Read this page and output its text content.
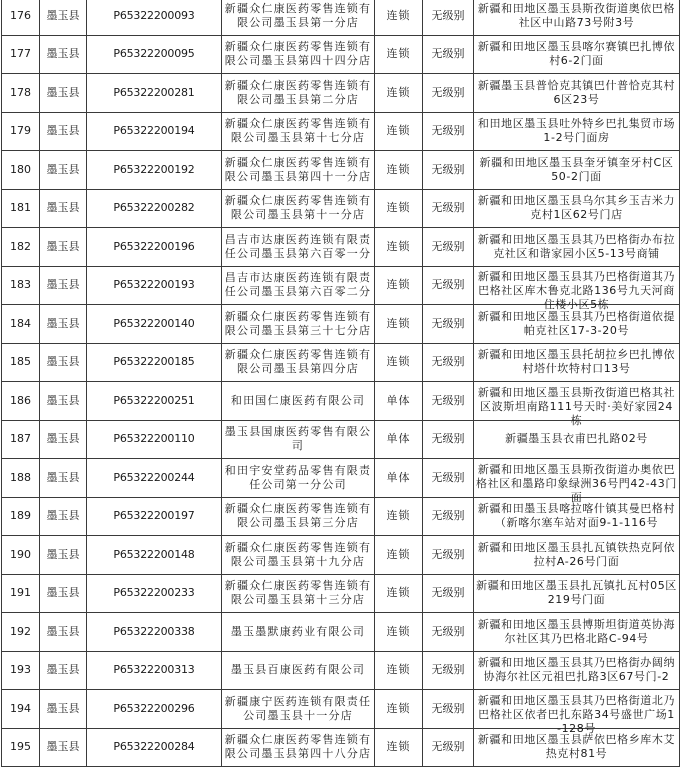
176	墨玉县	P65322200093	新疆众仁康医药零售连锁有限公司墨玉县第一分店	连锁	无级别	新疆和田地区墨玉县斯孜街道奥依巴格社区中山路73号附3号

177	墨玉县	P65322200095	新疆众仁康医药零售连锁有限公司墨玉县第四十四分店	连锁	无级别	新疆和田地区墨玉县喀尔赛镇巴扎博依村6-2门面

178	墨玉县	P65322200281	新疆众仁康医药零售连锁有限公司墨玉县第二分店	连锁	无级别	新疆墨玉县普恰克其镇巴什普恰克其村6区23号

179	墨玉县	P65322200194	新疆众仁康医药零售连锁有限公司墨玉县第十七分店	连锁	无级别	和田地区墨玉县吐外特乡巴扎集贸市场1-2号门面房

180	墨玉县	P65322200192	新疆众仁康医药零售连锁有限公司墨玉县第四十一分店	连锁	无级别	新疆和田地区墨玉县奎牙镇奎牙村C区50-2门面

181	墨玉县	P65322200282	新疆众仁康医药零售连锁有限公司墨玉县第十一分店	连锁	无级别	新疆和田地区墨玉县乌尔其乡玉吉米力克村1区62号门店

182	墨玉县	P65322200196	昌吉市达康医药连锁有限责任公司墨玉县第六百零一分	连锁	无级别	新疆和田地区墨玉县其乃巴格街办布拉克社区和谐家园小区5-13号商铺

183	墨玉县	P65322200193	昌吉市达康医药连锁有限责任公司墨玉县第六百零二分	连锁	无级别	新疆和田地区墨玉县其乃巴格街道其乃巴格社区库木鲁克北路136号九天河商住楼小区5栋

184	墨玉县	P65322200140	新疆众仁康医药零售连锁有限公司墨玉县第三十七分店	连锁	无级别	新疆和田地区墨玉县其乃巴格街道依提帕克社区17-3-20号

185	墨玉县	P65322200185	新疆众仁康医药零售连锁有限公司墨玉县第四分店	连锁	无级别	新疆和田地区墨玉县托胡拉乡巴扎博依村塔什坎特村口13号

186	墨玉县	P65322200251	和田国仁康医药有限公司	单体	无级别	新疆和田地区墨玉县斯孜街道巴格其社区波斯坦南路111号天时·美好家园24栋

187	墨玉县	P65322200110	墨玉县国康医药零售有限公司	单体	无级别	新疆墨玉县衣甫巴扎路02号

188	墨玉县	P65322200244	和田宇安堂药品零售有限责任公司第一分公司	单体	无级别	新疆和田地区墨玉县斯孜街道办奥依巴格社区和墨路印象绿洲36号門42-43门面

189	墨玉县	P65322200197	新疆众仁康医药零售连锁有限公司墨玉县第三分店	连锁	无级别	新疆和田墨玉县喀拉喀什镇其曼巴格村（新喀尔塞车站对面9-1-116号

190	墨玉县	P65322200148	新疆众仁康医药零售连锁有限公司墨玉县第十九分店	连锁	无级别	新疆和田地区墨玉县扎瓦镇铁热克阿依拉村A-26号门面

191	墨玉县	P65322200233	新疆众仁康医药零售连锁有限公司墨玉县第十三分店	连锁	无级别	新疆和田地区墨玉县扎瓦镇扎瓦村05区219号门面

192	墨玉县	P65322200338	墨玉墨默康药业有限公司	连锁	无级别	新疆和田地区墨玉县博斯坦街道英协海尔社区其乃巴格北路C-94号

193	墨玉县	P65322200313	墨玉县百康医药有限公司	连锁	无级别	新疆和田地区墨玉县其乃巴格街办阔纳协海尔社区元祖巴扎路3区67号门-2

194	墨玉县	P65322200296	新疆康宁医药连锁有限责任公司墨玉县十一分店	连锁	无级别	新疆和田地区墨玉县其乃巴格街道北乃巴格社区依者巴扎东路34号盛世广场1-128号

195	墨玉县	P65322200284	新疆众仁康医药零售连锁有限公司墨玉县第四十八分店	连锁	无级别	新疆和田地区墨玉县萨依巴格乡库木艾热克村81号
